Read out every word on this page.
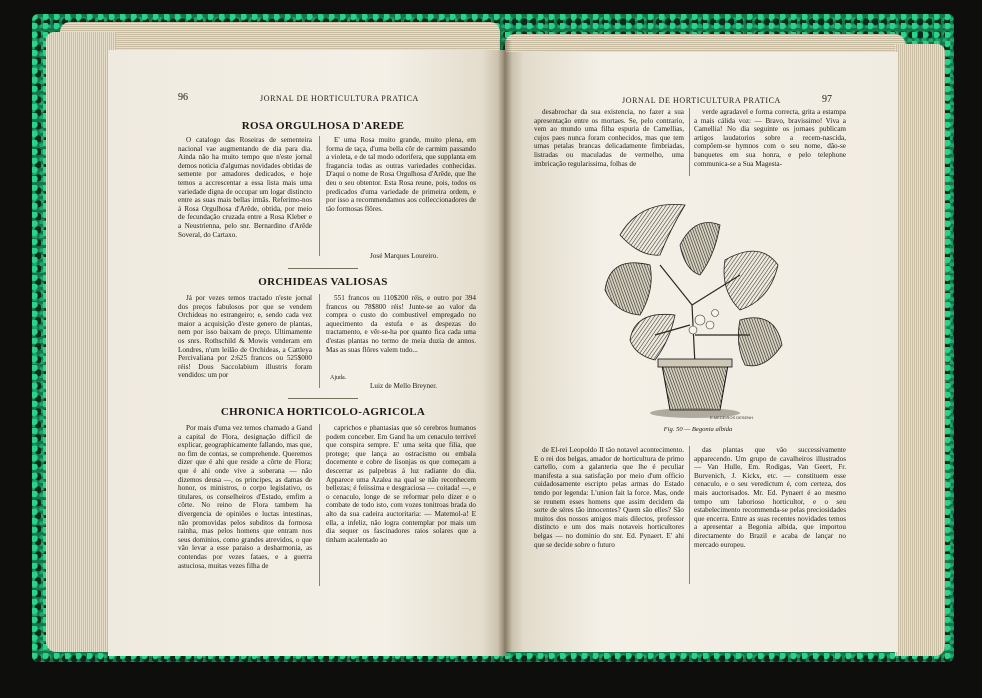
96	JORNAL DE HORTICULTURA PRATICA
ROSA ORGULHOSA D'AREDE

O catalogo das Roseiras de sementeira nacional vae augmentando de dia para dia. Ainda não ha muito tempo que n'este jornal demos noticia d'algumas novidades obtidas de semente por amadores dedicados, e hoje temos a accrescentar a essa lista mais uma variedade digna de occupar um logar distincto entre as suas mais bellas irmãs. Referimo-nos á Rosa Orgulhosa d'Arêde, obtida, por meio de fecundação cruzada entre a Rosa Kleber e a Neustrienna, pelo snr. Bernardino d'Arêde Soveral, do Cartaxo.

E' uma Rosa muito grande, muito plena, em forma de taça, d'uma bella côr de carmim passando a violeta, e de tal modo odorifera, que supplanta em fragancia todas as outras variedades conhecidas. D'aqui o nome de Rosa Orgulhosa d'Arêde, que lhe deu o seu obtentor. Esta Rosa reune, pois, todos os predicados d'uma variedade de primeira ordem, e por isso a recommendamos aos colleccionadores de tão formosas flôres.

José Marques Loureiro.
ORCHIDEAS VALIOSAS

Já por vezes temos tractado n'este jornal dos preços fabulosos por que se vendem Orchideas no estrangeiro; e, sendo cada vez maior a acquisição d'este genero de plantas, nem por isso baixam de preço. Ultimamente os snrs. Rothschild & Mowis venderam em Londres, n'um leilão de Orchideas, a Cattleya Percivaliana por 2:625 francos ou 525$000 réis! Dous Saccolabium illustris foram vendidos: um por

551 francos ou 110$200 réis, e outro por 394 francos ou 78$800 réis! Junte-se ao valor da compra o custo do combustivel empregado no aquecimento da estufa e as despezas do tractamento, e vêr-se-ha por quanto fica cada uma d'estas plantas no termo de meia duzia de annos. Mas as suas flôres valem tudo...

Ajuda.
Luiz de Mello Breyner.
CHRONICA HORTICOLO-AGRICOLA

Por mais d'uma vez temos chamado a Gand a capital de Flora, designação difficil de explicar, geographicamente fallando, mas que, no fim de contas, se comprehende. Queremos dizer que é ahi que reside a côrte de Flora; que é ahi onde vive a soberana — não dizemos deusa —, os principes, as damas de honor, os ministros, o corpo legislativo, os titulares, os conselheiros d'Estado, emfim a côrte. No reino de Flora tambem ha divergencia de opiniões e luctas intestinas, não promovidas pelos subditos da formosa rainha, mas pelos homens que entram nos seus dominios, como grandes atrevidos, o que vão levar a esse paraiso a desharmonia, as contendas por vezes fataes, e a guerra astuciosa, muitas vezes filha de

caprichos e phantasias que só cerebros humanos podem conceber. Em Gand ha um cenaculo terrivel que conspira sempre. E' uma seita que filia, que protege; que lança ao ostracismo ou embala docemente e cobre de lisonjas os que começam a descerrar as palpebras á luz radiante do dia. Apparece uma Azalea na qual se não reconhecem bellezas; é feiissima e desgraciosa — coitada! —, e o cenaculo, longe de se reformar pelo dizer e o combate de todo isto, com vozes tonitroas brada do alto da sua cadeira auctoritaria: — Matemol-a! E ella, a infeliz, não logra contemplar por mais um dia sequer os fascinadores raios solares que a tinham acalentado ao

JORNAL DE HORTICULTURA PRATICA	97

desabrochar da sua existencia, no fazer a sua apresentação entre os mortaes. Se, pelo contrario, vem ao mundo uma filha espuria de Camellias, cujos paes nunca foram conhecidos, mas que tem umas petalas brancas delicadamente fimbriadas, listradas ou maculadas de vermelho, uma imbricação regularissima, folhas de

verde agradavel e forma correcta, grita a estampa a mais cálida voz: — Bravo, bravissimo! Viva a Camellia! No dia seguinte os jornaes publicam artigos laudatorios sobre a recem-nascida, compõem-se hymnos com o seu nome, dão-se banquetes em sua honra, e pelo telephone communica-se a Sua Magesta-

E.MEDEIROS DESENH.
Fig. 50 — Begonia albida

de El-rei Leopoldo II tão notavel acontecimento. E o rei dos belgas, amador de horticultura de primo cartello, com a galanteria que lhe é peculiar manifesta a sua satisfação por meio d'um officio cuidadosamente escripto pelas armas do Estado tendo por legenda: L'union fait la force. Mas, onde se reunem esses homens que assim decidem da sorte de séres tão innocentes? Quem são elles? São muitos dos nossos amigos mais dilectos, professor distincto e um dos mais notaveis horticultores belgas — no dominio do snr. Ed. Pynaert. E' ahi que se decide sobre o futuro

das plantas que vão successivamente apparecendo. Um grupo de cavalheiros illustrados — Van Hulle, Em. Rodigas, Van Geert, Fr. Burvenich, J. Kickx, etc. — constituem esse cenaculo, e o seu veredictum é, com certeza, dos mais auctorisados. Mr. Ed. Pynaert é ao mesmo tempo um laborioso horticultor, e o seu estabelecimento recommenda-se pelas preciosidades que encerra. Entre as suas recentes novidades temos a apresentar a Begonia albida, que importou directamente do Brazil e acaba de lançar no mercado europeu.
